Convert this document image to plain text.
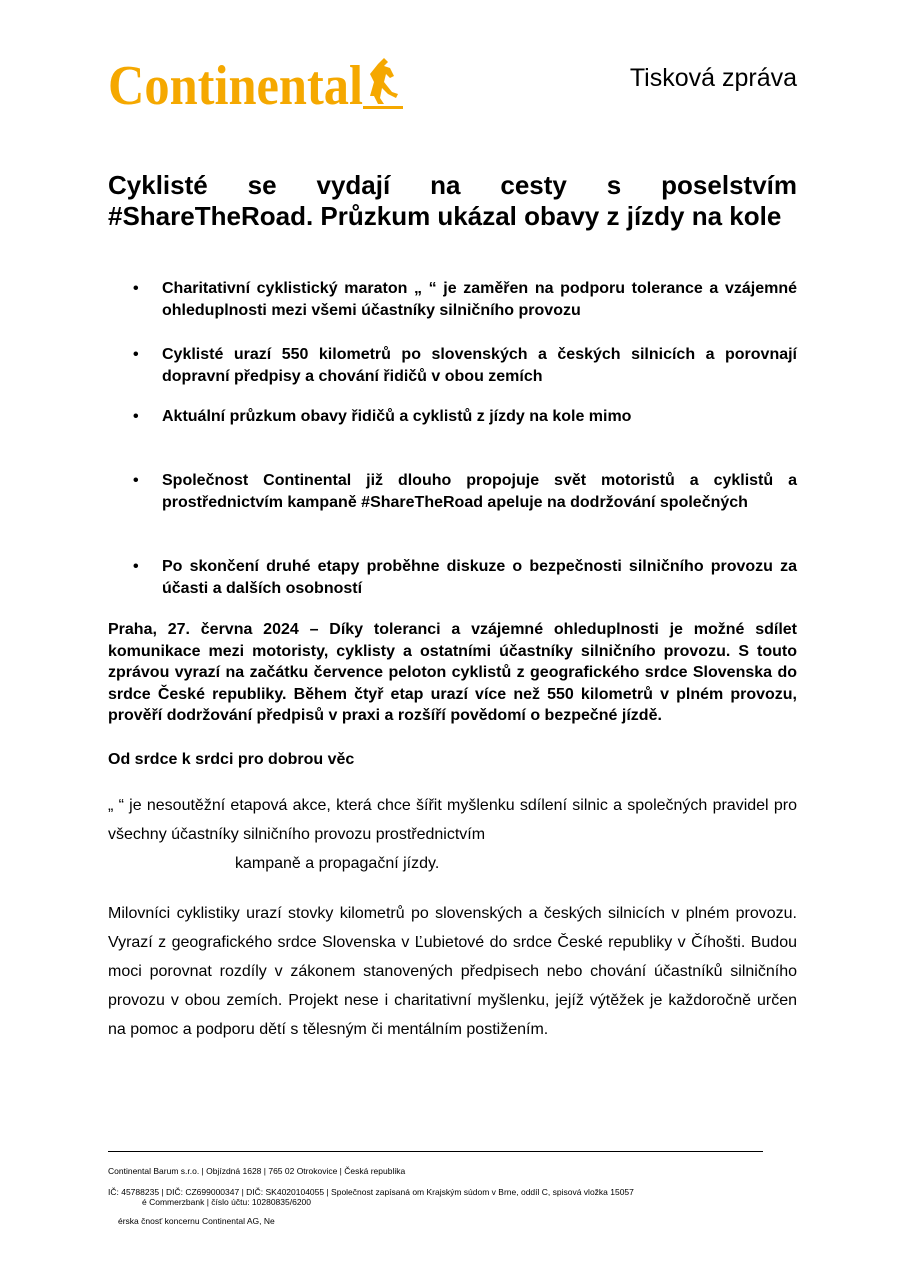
Continental	Tisková zpráva
Cyklisté se vydají na cesty s poselstvím #ShareTheRoad. Průzkum ukázal obavy z jízdy na kole
• Charitativní cyklistický maraton „ “ je zaměřen na podporu tolerance a vzájemné ohleduplnosti mezi všemi účastníky silničního provozu
• Cyklisté urazí 550 kilometrů po slovenských a českých silnicích a porovnají dopravní předpisy a chování řidičů v obou zemích
• Aktuální průzkum obavy řidičů a cyklistů z jízdy na kole mimo
• Společnost Continental již dlouho propojuje svět motoristů a cyklistů a prostřednictvím kampaně #ShareTheRoad apeluje na dodržování společných
• Po skončení druhé etapy proběhne diskuze o bezpečnosti silničního provozu za účasti a dalších osobností

Praha, 27. června 2024 – Díky toleranci a vzájemné ohleduplnosti je možné sdílet komunikace mezi motoristy, cyklisty a ostatními účastníky silničního provozu. S touto zprávou vyrazí na začátku července peloton cyklistů z geografického srdce Slovenska do srdce České republiky. Během čtyř etap urazí více než 550 kilometrů v plném provozu, prověří dodržování předpisů v praxi a rozšíří povědomí o bezpečné jízdě.

Od srdce k srdci pro dobrou věc

„ “ je nesoutěžní etapová akce, která chce šířit myšlenku sdílení silnic a společných pravidel pro všechny účastníky silničního provozu prostřednictvím
kampaně a propagační jízdy.

Milovníci cyklistiky urazí stovky kilometrů po slovenských a českých silnicích v plném provozu. Vyrazí z geografického srdce Slovenska v Ľubietové do srdce České republiky v Číhošti. Budou moci porovnat rozdíly v zákonem stanovených předpisech nebo chování účastníků silničního provozu v obou zemích. Projekt nese i charitativní myšlenku, jejíž výtěžek je každoročně určen na pomoc a podporu dětí s tělesným či mentálním postižením.

Continental Barum s.r.o. | Objízdná 1628 | 765 02 Otrokovice | Česká republika
IČ: 45788235 | DIČ: CZ699000347 | DIČ: SK4020104055 | Společnost zapísaná om Krajským súdom v Brne, oddíl C, spisová vložka 15057
é Commerzbank | číslo účtu: 10280835/6200
érska čnosť koncernu Continental AG, Ne
